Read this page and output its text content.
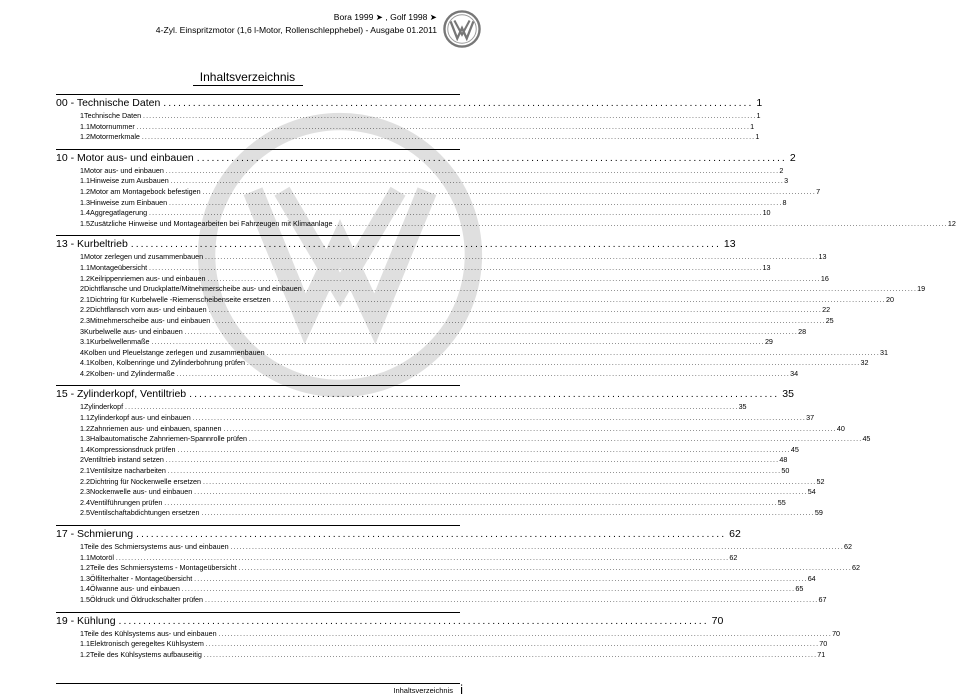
Bora 1999 ➤ , Golf 1998 ➤
4-Zyl. Einspritzmotor (1,6 l-Motor, Rollenschlepphebel) - Ausgabe 01.2011
Inhaltsverzeichnis
00 - Technische Daten ........................................................................................................................ 1
1 Technische Daten ........................................................................................................................................................................................................ 1
1.1 Motornummer ........................................................................................................................................................................................................ 1
1.2 Motormerkmale ........................................................................................................................................................................................................ 1
10 - Motor aus- und einbauen ........................................................................................................................ 2
1 Motor aus- und einbauen ........................................................................................................................................................................................................ 2
1.1 Hinweise zum Ausbauen ........................................................................................................................................................................................................ 3
1.2 Motor am Montagebock befestigen ........................................................................................................................................................................................................ 7
1.3 Hinweise zum Einbauen ........................................................................................................................................................................................................ 8
1.4 Aggregatlagerung ........................................................................................................................................................................................................ 10
1.5 Zusätzliche Hinweise und Montagearbeiten bei Fahrzeugen mit Klimaanlage ........................................................................................................................................................................................................ 12
13 - Kurbeltrieb ........................................................................................................................ 13
1 Motor zerlegen und zusammenbauen ........................................................................................................................................................................................................ 13
1.1 Montageübersicht ........................................................................................................................................................................................................ 13
1.2 Keilrippenriemen aus- und einbauen ........................................................................................................................................................................................................ 16
2 Dichtflansche und Druckplatte/Mitnehmerscheibe aus- und einbauen ........................................................................................................................................................................................................ 19
2.1 Dichtring für Kurbelwelle -Riemenscheibenseite ersetzen ........................................................................................................................................................................................................ 20
2.2 Dichtflansch vorn aus- und einbauen ........................................................................................................................................................................................................ 22
2.3 Mitnehmerscheibe aus- und einbauen ........................................................................................................................................................................................................ 25
3 Kurbelwelle aus- und einbauen ........................................................................................................................................................................................................ 28
3.1 Kurbelwellenmaße ........................................................................................................................................................................................................ 29
4 Kolben und Pleuelstange zerlegen und zusammenbauen ........................................................................................................................................................................................................ 31
4.1 Kolben, Kolbenringe und Zylinderbohrung prüfen ........................................................................................................................................................................................................ 32
4.2 Kolben- und Zylindermaße ........................................................................................................................................................................................................ 34
15 - Zylinderkopf, Ventiltrieb ........................................................................................................................ 35
1 Zylinderkopf ........................................................................................................................................................................................................ 35
1.1 Zylinderkopf aus- und einbauen ........................................................................................................................................................................................................ 37
1.2 Zahnriemen aus- und einbauen, spannen ........................................................................................................................................................................................................ 40
1.3 Halbautomatische Zahnriemen-Spannrolle prüfen ........................................................................................................................................................................................................ 45
1.4 Kompressionsdruck prüfen ........................................................................................................................................................................................................ 45
2 Ventiltrieb instand setzen ........................................................................................................................................................................................................ 48
2.1 Ventilsitze nacharbeiten ........................................................................................................................................................................................................ 50
2.2 Dichtring für Nockenwelle ersetzen ........................................................................................................................................................................................................ 52
2.3 Nockenwelle aus- und einbauen ........................................................................................................................................................................................................ 54
2.4 Ventilführungen prüfen ........................................................................................................................................................................................................ 55
2.5 Ventilschaftabdichtungen ersetzen ........................................................................................................................................................................................................ 59
17 - Schmierung ........................................................................................................................ 62
1 Teile des Schmiersystems aus- und einbauen ........................................................................................................................................................................................................ 62
1.1 Motoröl ........................................................................................................................................................................................................ 62
1.2 Teile des Schmiersystems - Montageübersicht ........................................................................................................................................................................................................ 62
1.3 Ölfilterhalter - Montageübersicht ........................................................................................................................................................................................................ 64
1.4 Ölwanne aus- und einbauen ........................................................................................................................................................................................................ 65
1.5 Öldruck und Öldruckschalter prüfen ........................................................................................................................................................................................................ 67
19 - Kühlung ........................................................................................................................ 70
1 Teile des Kühlsystems aus- und einbauen ........................................................................................................................................................................................................ 70
1.1 Elektronisch geregeltes Kühlsystem ........................................................................................................................................................................................................ 70
1.2 Teile des Kühlsystems aufbauseitig ........................................................................................................................................................................................................ 71
Inhaltsverzeichnis i
